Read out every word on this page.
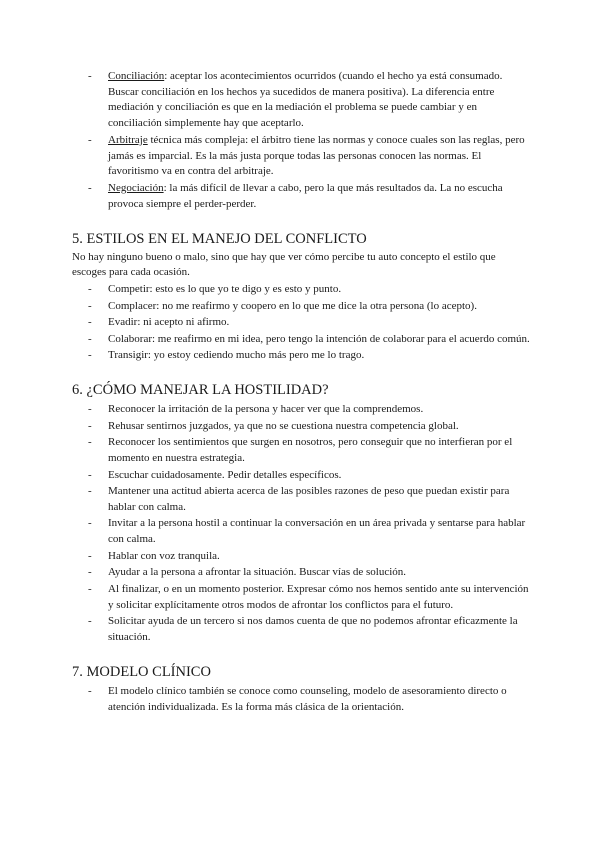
- Conciliación: aceptar los acontecimientos ocurridos (cuando el hecho ya está consumado. Buscar conciliación en los hechos ya sucedidos de manera positiva). La diferencia entre mediación y conciliación es que en la mediación el problema se puede cambiar y en conciliación simplemente hay que aceptarlo.
- Arbitraje técnica más compleja: el árbitro tiene las normas y conoce cuales son las reglas, pero jamás es imparcial. Es la más justa porque todas las personas conocen las normas. El favoritismo va en contra del arbitraje.
- Negociación: la más difícil de llevar a cabo, pero la que más resultados da. La no escucha provoca siempre el perder-perder.
5. ESTILOS EN EL MANEJO DEL CONFLICTO

No hay ninguno bueno o malo, sino que hay que ver cómo percibe tu auto concepto el estilo que escoges para cada ocasión.

- Competir: esto es lo que yo te digo y es esto y punto.
- Complacer: no me reafirmo y coopero en lo que me dice la otra persona (lo acepto).
- Evadir: ni acepto ni afirmo.
- Colaborar: me reafirmo en mi idea, pero tengo la intención de colaborar para el acuerdo común.
- Transigir: yo estoy cediendo mucho más pero me lo trago.
6. ¿CÓMO MANEJAR LA HOSTILIDAD?
- Reconocer la irritación de la persona y hacer ver que la comprendemos.
- Rehusar sentirnos juzgados, ya que no se cuestiona nuestra competencia global.
- Reconocer los sentimientos que surgen en nosotros, pero conseguir que no interfieran por el momento en nuestra estrategia.
- Escuchar cuidadosamente. Pedir detalles específicos.
- Mantener una actitud abierta acerca de las posibles razones de peso que puedan existir para hablar con calma.
- Invitar a la persona hostil a continuar la conversación en un área privada y sentarse para hablar con calma.
- Hablar con voz tranquila.
- Ayudar a la persona a afrontar la situación. Buscar vías de solución.
- Al finalizar, o en un momento posterior. Expresar cómo nos hemos sentido ante su intervención y solicitar explícitamente otros modos de afrontar los conflictos para el futuro.
- Solicitar ayuda de un tercero si nos damos cuenta de que no podemos afrontar eficazmente la situación.
7. MODELO CLÍNICO
- El modelo clínico también se conoce como counseling, modelo de asesoramiento directo o atención individualizada. Es la forma más clásica de la orientación.
